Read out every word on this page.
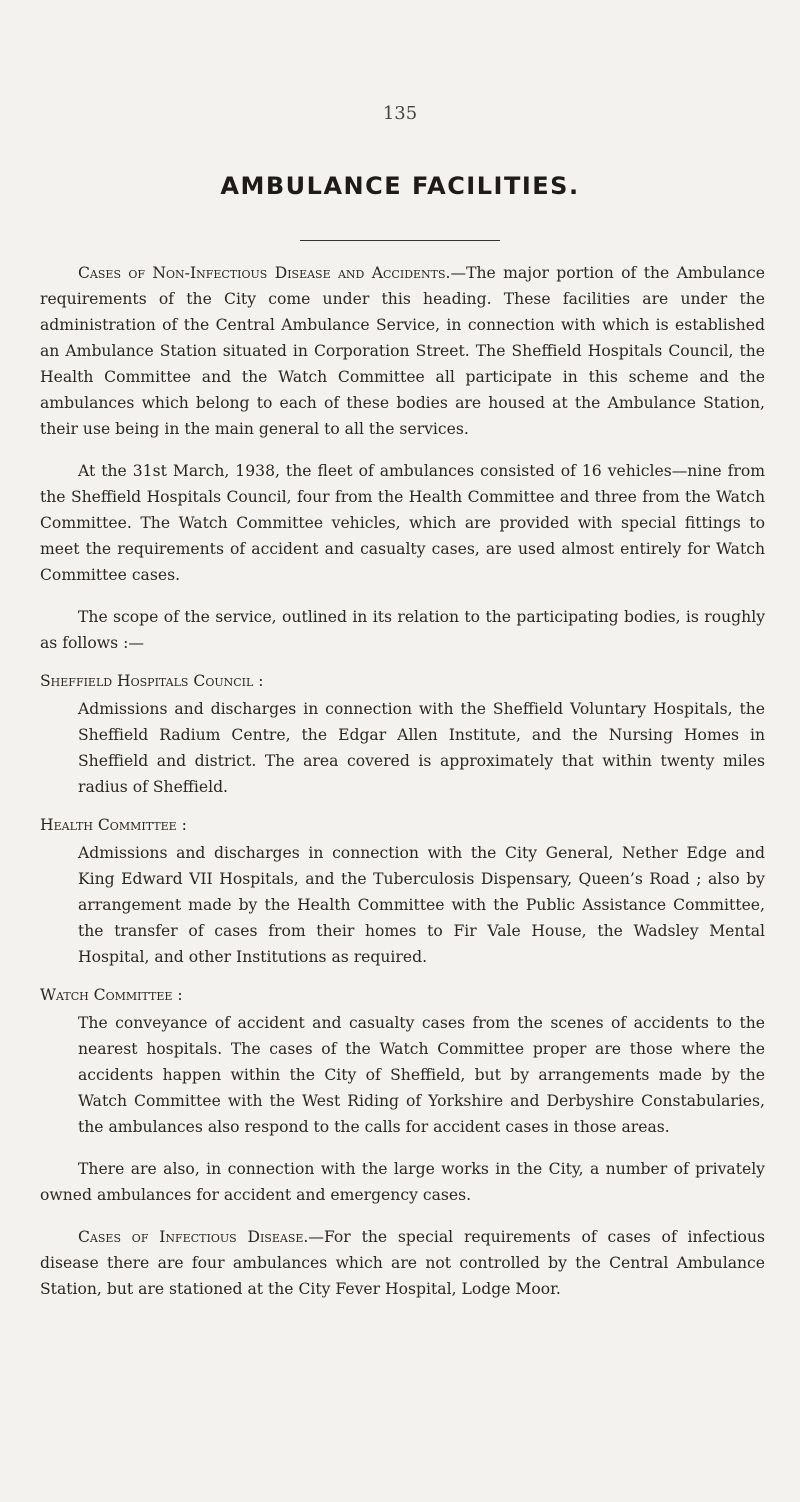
135
AMBULANCE FACILITIES.

Cases of Non-Infectious Disease and Accidents.—The major portion of the Ambulance requirements of the City come under this heading. These facilities are under the administration of the Central Ambulance Service, in connection with which is established an Ambulance Station situated in Corporation Street. The Sheffield Hospitals Council, the Health Committee and the Watch Committee all participate in this scheme and the ambulances which belong to each of these bodies are housed at the Ambulance Station, their use being in the main general to all the services.

At the 31st March, 1938, the fleet of ambulances consisted of 16 vehicles—nine from the Sheffield Hospitals Council, four from the Health Committee and three from the Watch Committee. The Watch Committee vehicles, which are provided with special fittings to meet the requirements of accident and casualty cases, are used almost entirely for Watch Committee cases.

The scope of the service, outlined in its relation to the participating bodies, is roughly as follows :—

Sheffield Hospitals Council :

Admissions and discharges in connection with the Sheffield Voluntary Hospitals, the Sheffield Radium Centre, the Edgar Allen Institute, and the Nursing Homes in Sheffield and district. The area covered is approximately that within twenty miles radius of Sheffield.

Health Committee :

Admissions and discharges in connection with the City General, Nether Edge and King Edward VII Hospitals, and the Tuberculosis Dispensary, Queen’s Road ; also by arrangement made by the Health Committee with the Public Assistance Committee, the transfer of cases from their homes to Fir Vale House, the Wadsley Mental Hospital, and other Institutions as required.

Watch Committee :

The conveyance of accident and casualty cases from the scenes of accidents to the nearest hospitals. The cases of the Watch Committee proper are those where the accidents happen within the City of Sheffield, but by arrangements made by the Watch Committee with the West Riding of Yorkshire and Derbyshire Constabularies, the ambulances also respond to the calls for accident cases in those areas.

There are also, in connection with the large works in the City, a number of privately owned ambulances for accident and emergency cases.

Cases of Infectious Disease.—For the special requirements of cases of infectious disease there are four ambulances which are not controlled by the Central Ambulance Station, but are stationed at the City Fever Hospital, Lodge Moor.
